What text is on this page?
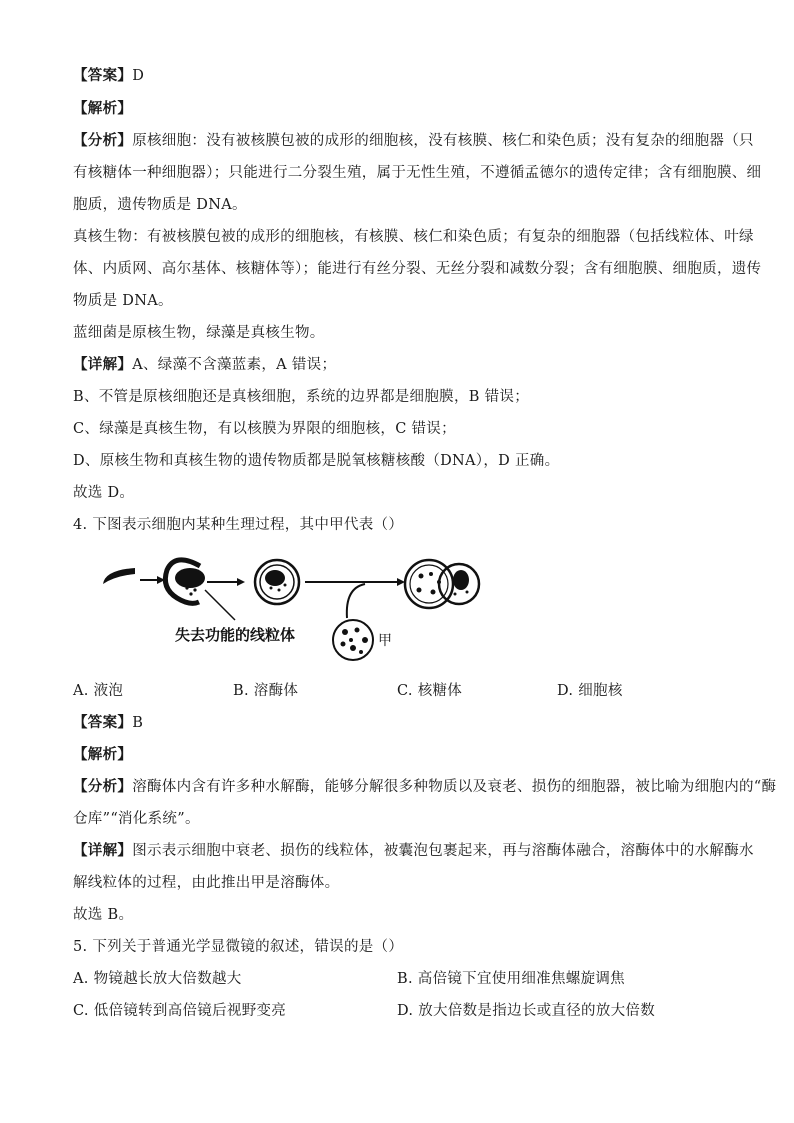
【答案】D
【解析】
【分析】原核细胞：没有被核膜包被的成形的细胞核，没有核膜、核仁和染色质；没有复杂的细胞器（只
有核糖体一种细胞器）；只能进行二分裂生殖，属于无性生殖，不遵循孟德尔的遗传定律；含有细胞膜、细
胞质，遗传物质是 DNA。
真核生物：有被核膜包被的成形的细胞核，有核膜、核仁和染色质；有复杂的细胞器（包括线粒体、叶绿
体、内质网、高尔基体、核糖体等）；能进行有丝分裂、无丝分裂和减数分裂；含有细胞膜、细胞质，遗传
物质是 DNA。
蓝细菌是原核生物，绿藻是真核生物。
【详解】A、绿藻不含藻蓝素，A 错误；
B、不管是原核细胞还是真核细胞，系统的边界都是细胞膜，B 错误；
C、绿藻是真核生物，有以核膜为界限的细胞核，C 错误；
D、原核生物和真核生物的遗传物质都是脱氧核糖核酸（DNA），D 正确。
故选 D。
4. 下图表示细胞内某种生理过程，其中甲代表（）
失去功能的线粒体	甲
A. 液泡	B. 溶酶体	C. 核糖体	D. 细胞核
【答案】B
【解析】
【分析】溶酶体内含有许多种水解酶，能够分解很多种物质以及衰老、损伤的细胞器，被比喻为细胞内的“酶
仓库”“消化系统”。
【详解】图示表示细胞中衰老、损伤的线粒体，被囊泡包裹起来，再与溶酶体融合，溶酶体中的水解酶水
解线粒体的过程，由此推出甲是溶酶体。
故选 B。
5. 下列关于普通光学显微镜的叙述，错误的是（）
A. 物镜越长放大倍数越大	B. 高倍镜下宜使用细准焦螺旋调焦
C. 低倍镜转到高倍镜后视野变亮	D. 放大倍数是指边长或直径的放大倍数
